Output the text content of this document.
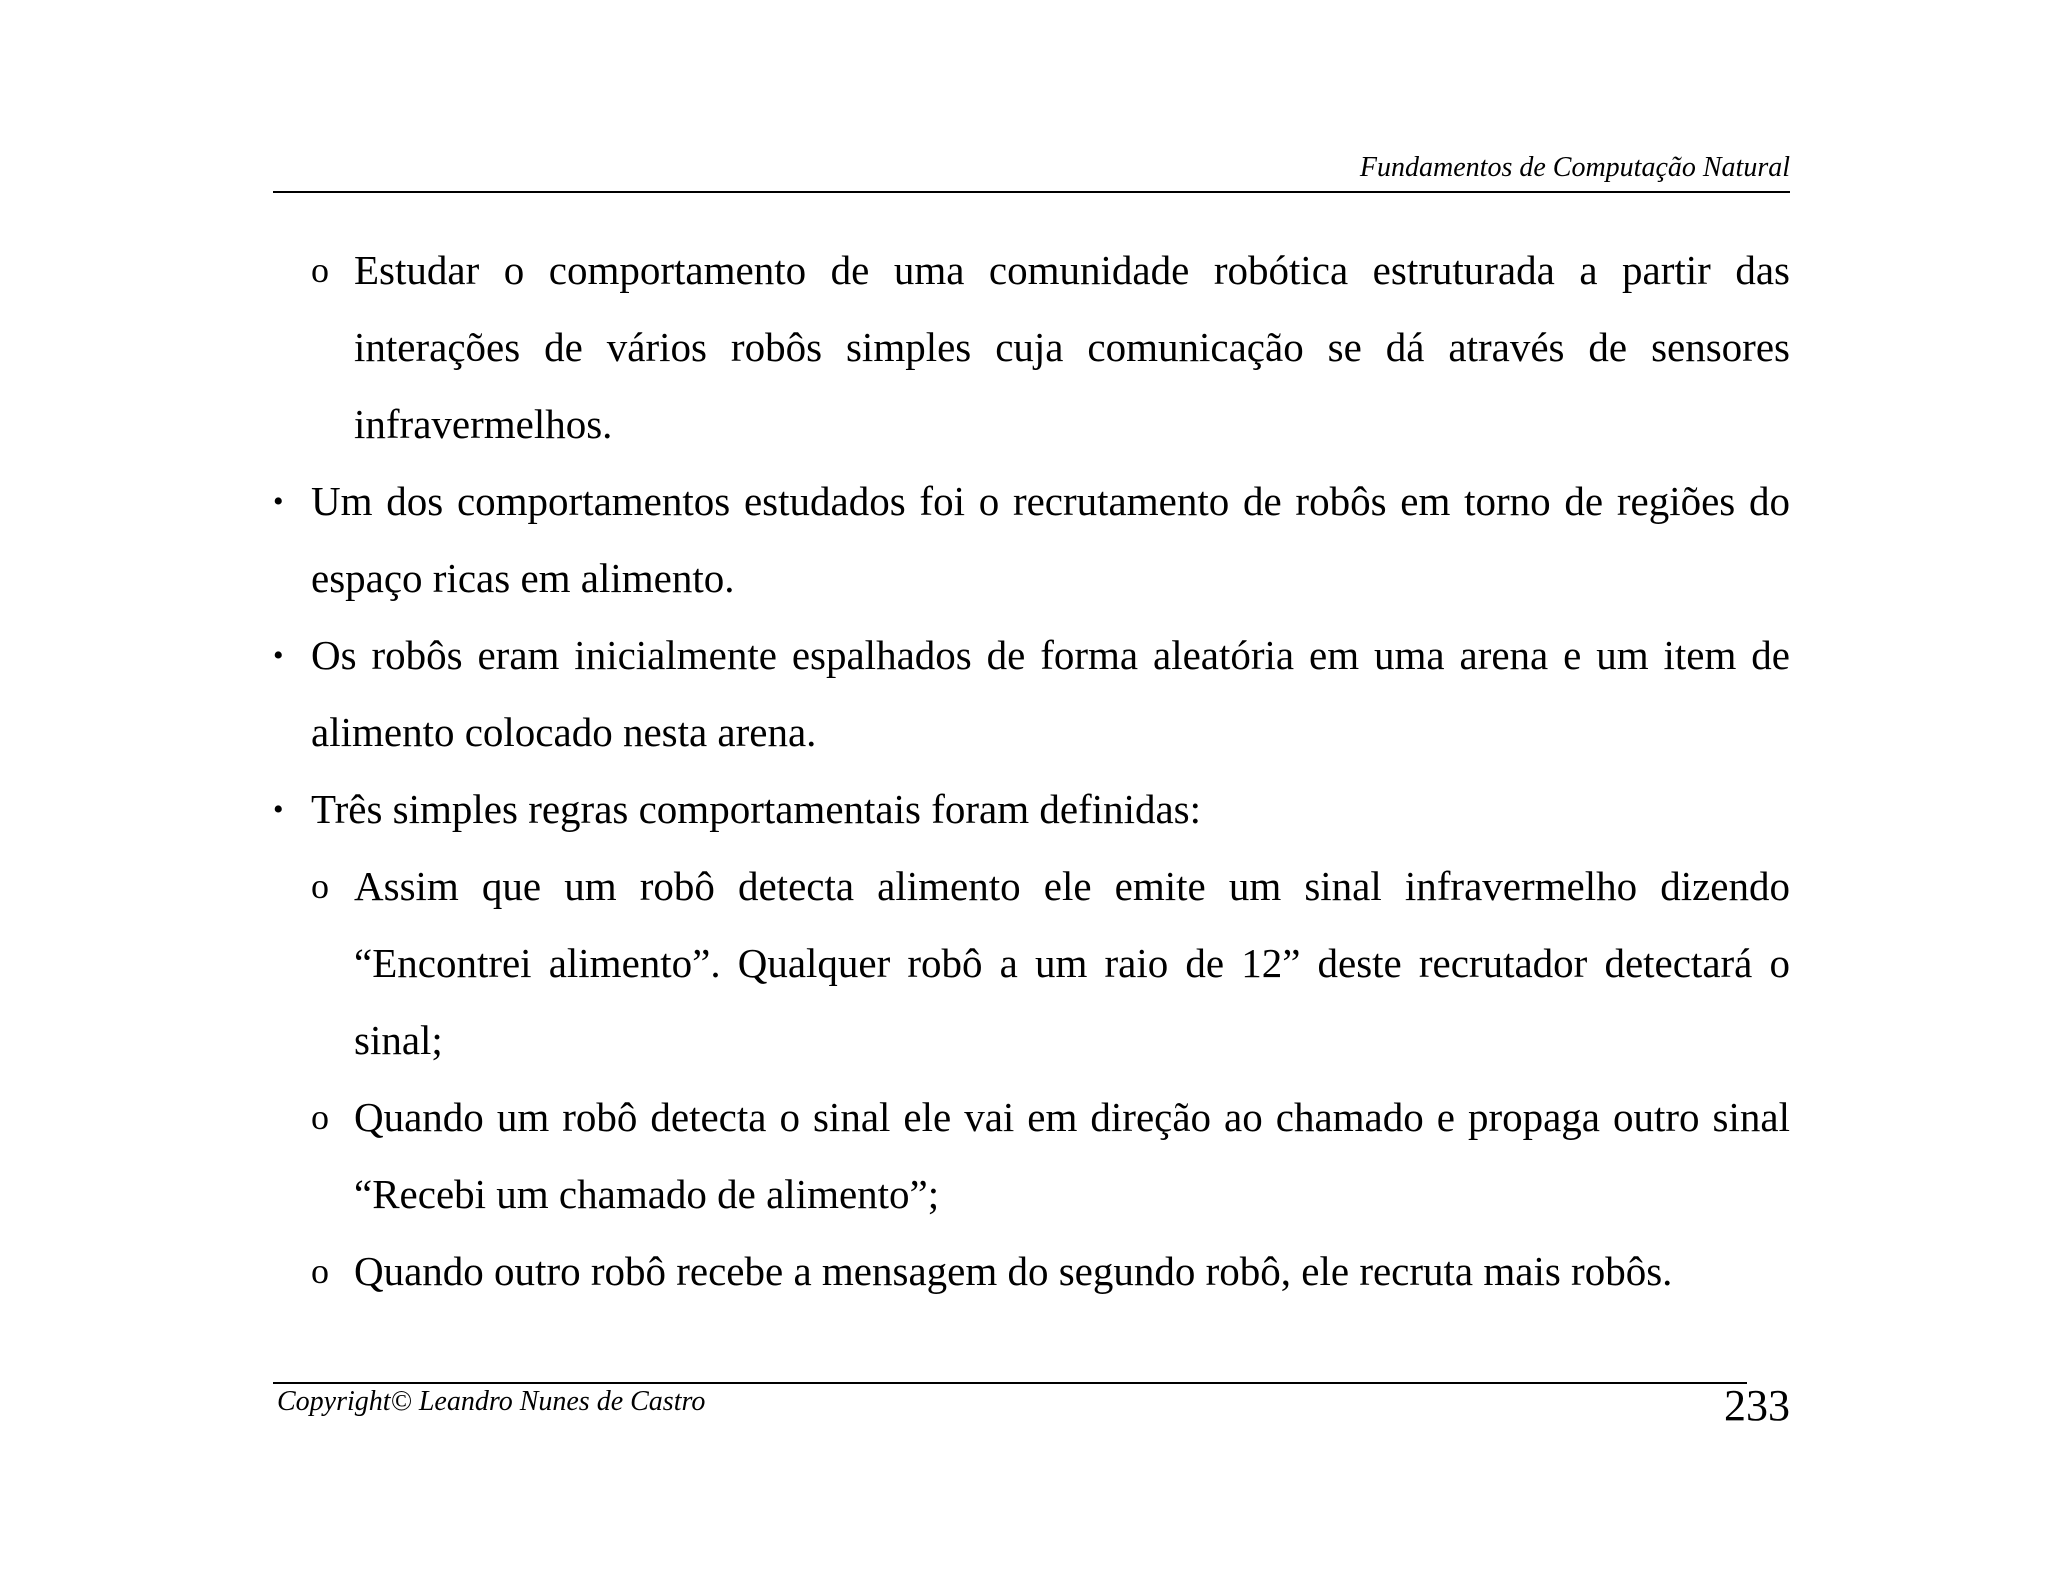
Fundamentos de Computação Natural
o Estudar o comportamento de uma comunidade robótica estruturada a partir das interações de vários robôs simples cuja comunicação se dá através de sensores infravermelhos.
• Um dos comportamentos estudados foi o recrutamento de robôs em torno de regiões do espaço ricas em alimento.
• Os robôs eram inicialmente espalhados de forma aleatória em uma arena e um item de alimento colocado nesta arena.
• Três simples regras comportamentais foram definidas:
o Assim que um robô detecta alimento ele emite um sinal infravermelho dizendo “Encontrei alimento”. Qualquer robô a um raio de 12” deste recrutador detectará o sinal;
o Quando um robô detecta o sinal ele vai em direção ao chamado e propaga outro sinal “Recebi um chamado de alimento”;
o Quando outro robô recebe a mensagem do segundo robô, ele recruta mais robôs.
Copyright© Leandro Nunes de Castro	233
